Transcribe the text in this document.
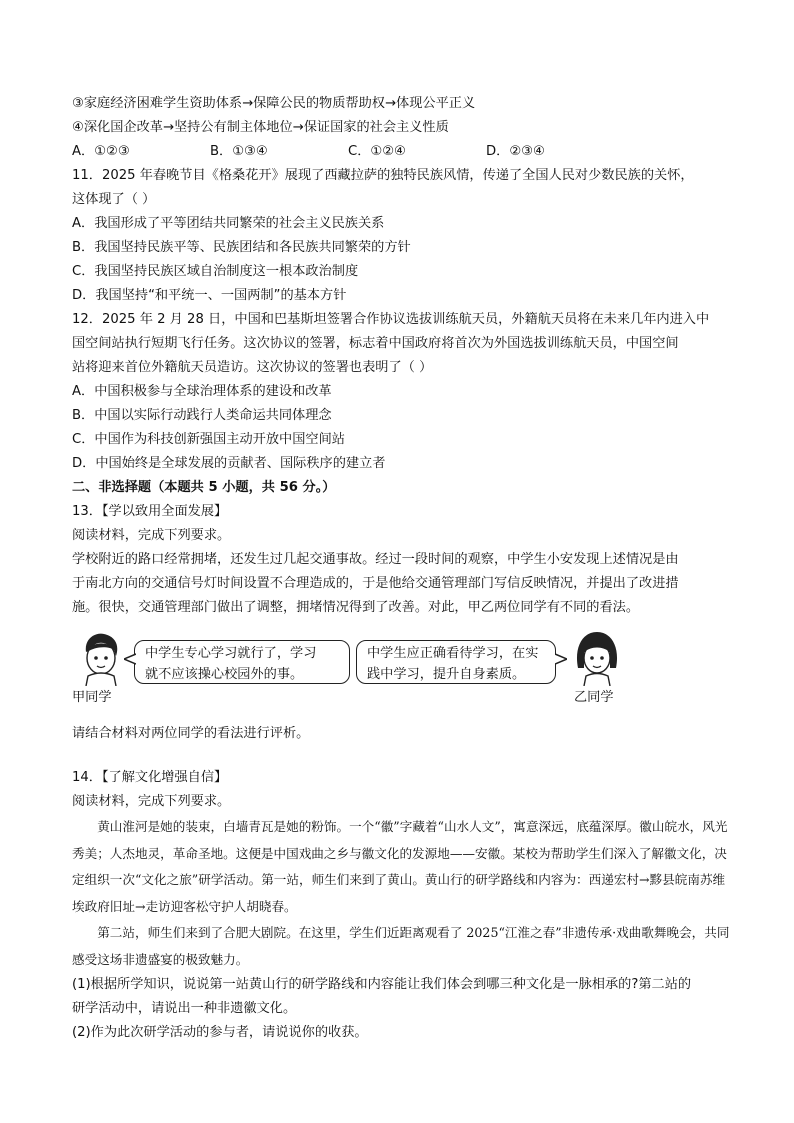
③家庭经济困难学生资助体系→保障公民的物质帮助权→体现公平正义
④深化国企改革→坚持公有制主体地位→保证国家的社会主义性质
A．①②③	B．①③④	C．①②④	D．②③④
11．2025 年春晚节目《格桑花开》展现了西藏拉萨的独特民族风情，传递了全国人民对少数民族的关怀，
这体现了（ ）
A．我国形成了平等团结共同繁荣的社会主义民族关系
B．我国坚持民族平等、民族团结和各民族共同繁荣的方针
C．我国坚持民族区域自治制度这一根本政治制度
D．我国坚持“和平统一、一国两制”的基本方针
12．2025 年 2 月 28 日，中国和巴基斯坦签署合作协议选拔训练航天员，外籍航天员将在未来几年内进入中
国空间站执行短期飞行任务。这次协议的签署，标志着中国政府将首次为外国选拔训练航天员，中国空间
站将迎来首位外籍航天员造访。这次协议的签署也表明了（ ）
A．中国积极参与全球治理体系的建设和改革
B．中国以实际行动践行人类命运共同体理念
C．中国作为科技创新强国主动开放中国空间站
D．中国始终是全球发展的贡献者、国际秩序的建立者
二、非选择题（本题共 5 小题，共 56 分。）
13．【学以致用全面发展】
阅读材料，完成下列要求。
学校附近的路口经常拥堵，还发生过几起交通事故。经过一段时间的观察，中学生小安发现上述情况是由
于南北方向的交通信号灯时间设置不合理造成的，于是他给交通管理部门写信反映情况，并提出了改进措
施。很快，交通管理部门做出了调整，拥堵情况得到了改善。对此，甲乙两位同学有不同的看法。
甲同学
中学生专心学习就行了，学习
就不应该操心校园外的事。
中学生应正确看待学习，在实
践中学习，提升自身素质。
乙同学
请结合材料对两位同学的看法进行评析。
14．【了解文化增强自信】
阅读材料，完成下列要求。
黄山淮河是她的装束，白墙青瓦是她的粉饰。一个“徽”字藏着“山水人文”，寓意深远，底蕴深厚。徽山皖水，风光秀美；人杰地灵，革命圣地。这便是中国戏曲之乡与徽文化的发源地——安徽。某校为帮助学生们深入了解徽文化，决定组织一次“文化之旅”研学活动。第一站，师生们来到了黄山。黄山行的研学路线和内容为：西递宏村→黟县皖南苏维埃政府旧址→走访迎客松守护人胡晓春。
第二站，师生们来到了合肥大剧院。在这里，学生们近距离观看了 2025“江淮之春”非遗传承·戏曲歌舞晚会，共同感受这场非遗盛宴的极致魅力。
(1)根据所学知识，说说第一站黄山行的研学路线和内容能让我们体会到哪三种文化是一脉相承的?第二站的
研学活动中，请说出一种非遗徽文化。
(2)作为此次研学活动的参与者，请说说你的收获。
